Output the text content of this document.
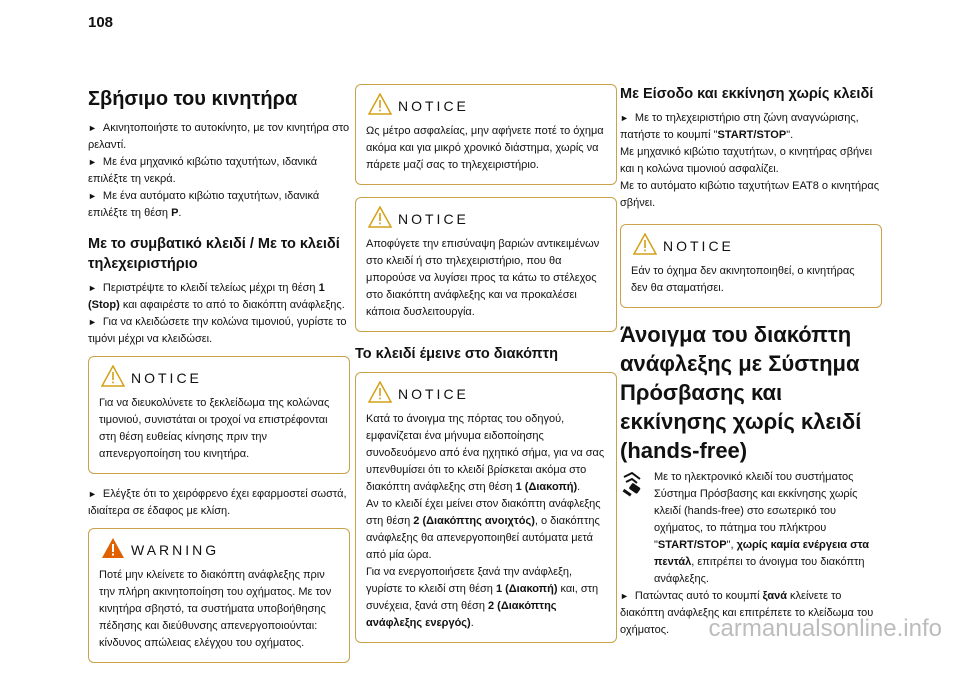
108
Σβήσιμο του κινητήρα

► Ακινητοποιήστε το αυτοκίνητο, με τον κινητήρα στο ρελαντί.

► Με ένα μηχανικό κιβώτιο ταχυτήτων, ιδανικά επιλέξτε τη νεκρά.

► Με ένα αυτόματο κιβώτιο ταχυτήτων, ιδανικά επιλέξτε τη θέση P.

Με το συμβατικό κλειδί / Με το κλειδί τηλεχειριστήριο

► Περιστρέψτε το κλειδί τελείως μέχρι τη θέση 1 (Stop) και αφαιρέστε το από το διακόπτη ανάφλεξης.

► Για να κλειδώσετε την κολώνα τιμονιού, γυρίστε το τιμόνι μέχρι να κλειδώσει.

NOTICE

Για να διευκολύνετε το ξεκλείδωμα της κολώνας τιμονιού, συνιστάται οι τροχοί να επιστρέφονται στη θέση ευθείας κίνησης πριν την απενεργοποίηση του κινητήρα.

► Ελέγξτε ότι το χειρόφρενο έχει εφαρμοστεί σωστά, ιδιαίτερα σε έδαφος με κλίση.

WARNING

Ποτέ μην κλείνετε το διακόπτη ανάφλεξης πριν την πλήρη ακινητοποίηση του οχήματος. Με τον κινητήρα σβηστό, τα συστήματα υποβοήθησης πέδησης και διεύθυνσης απενεργοποιούνται: κίνδυνος απώλειας ελέγχου του οχήματος.

NOTICE

Ως μέτρο ασφαλείας, μην αφήνετε ποτέ το όχημα ακόμα και για μικρό χρονικό διάστημα, χωρίς να πάρετε μαζί σας το τηλεχειριστήριο.

NOTICE

Αποφύγετε την επισύναψη βαριών αντικειμένων στο κλειδί ή στο τηλεχειριστήριο, που θα μπορούσε να λυγίσει προς τα κάτω το στέλεχος στο διακόπτη ανάφλεξης και να προκαλέσει κάποια δυσλειτουργία.

Το κλειδί έμεινε στο διακόπτη
NOTICE

Κατά το άνοιγμα της πόρτας του οδηγού, εμφανίζεται ένα μήνυμα ειδοποίησης συνοδευόμενο από ένα ηχητικό σήμα, για να σας υπενθυμίσει ότι το κλειδί βρίσκεται ακόμα στο διακόπτη ανάφλεξης στη θέση 1 (Διακοπή).

Αν το κλειδί έχει μείνει στον διακόπτη ανάφλεξης στη θέση 2 (Διακόπτης ανοιχτός), ο διακόπτης ανάφλεξης θα απενεργοποιηθεί αυτόματα μετά από μία ώρα.

Για να ενεργοποιήσετε ξανά την ανάφλεξη, γυρίστε το κλειδί στη θέση 1 (Διακοπή) και, στη συνέχεια, ξανά στη θέση 2 (Διακόπτης ανάφλεξης ενεργός).

Με Είσοδο και εκκίνηση χωρίς κλειδί

► Με το τηλεχειριστήριο στη ζώνη αναγνώρισης, πατήστε το κουμπί "START/STOP".

Με μηχανικό κιβώτιο ταχυτήτων, ο κινητήρας σβήνει και η κολώνα τιμονιού ασφαλίζει.

Με το αυτόματο κιβώτιο ταχυτήτων EAT8 ο κινητήρας σβήνει.

NOTICE

Εάν το όχημα δεν ακινητοποιηθεί, ο κινητήρας δεν θα σταματήσει.

Άνοιγμα του διακόπτη ανάφλεξης με Σύστημα Πρόσβασης και εκκίνησης χωρίς κλειδί (hands-free)

Με το ηλεκτρονικό κλειδί του συστήματος Σύστημα Πρόσβασης και εκκίνησης χωρίς κλειδί (hands-free) στο εσωτερικό του οχήματος, το πάτημα του πλήκτρου "START/STOP", χωρίς καμία ενέργεια στα πεντάλ, επιτρέπει το άνοιγμα του διακόπτη ανάφλεξης.

► Πατώντας αυτό το κουμπί ξανά κλείνετε το διακόπτη ανάφλεξης και επιτρέπετε το κλείδωμα του οχήματος.	carmanualsonline.info
